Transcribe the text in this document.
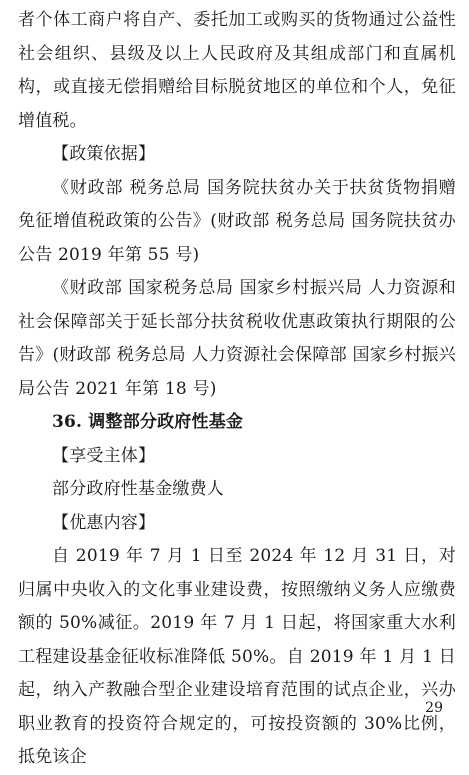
者个体工商户将自产、委托加工或购买的货物通过公益性社会组织、县级及以上人民政府及其组成部门和直属机构，或直接无偿捐赠给目标脱贫地区的单位和个人，免征增值税。

【政策依据】

《财政部 税务总局 国务院扶贫办关于扶贫货物捐赠免征增值税政策的公告》(财政部 税务总局 国务院扶贫办公告 2019 年第 55 号)

《财政部 国家税务总局 国家乡村振兴局 人力资源和社会保障部关于延长部分扶贫税收优惠政策执行期限的公告》(财政部 税务总局 人力资源社会保障部 国家乡村振兴局公告 2021 年第 18 号)

36. 调整部分政府性基金

【享受主体】

部分政府性基金缴费人

【优惠内容】

自 2019 年 7 月 1 日至 2024 年 12 月 31 日，对归属中央收入的文化事业建设费，按照缴纳义务人应缴费额的 50%减征。2019 年 7 月 1 日起，将国家重大水利工程建设基金征收标准降低 50%。自 2019 年 1 月 1 日起，纳入产教融合型企业建设培育范围的试点企业，兴办职业教育的投资符合规定的，可按投资额的 30%比例，抵免该企

29
